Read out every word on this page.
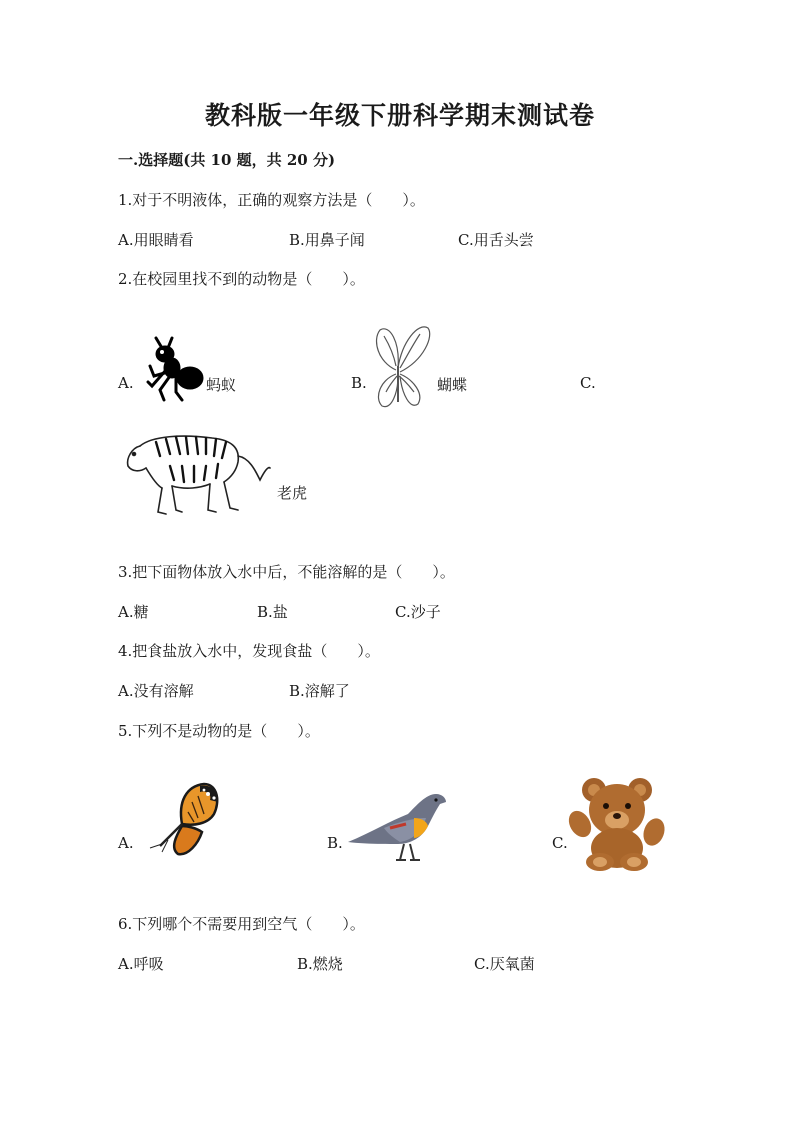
教科版一年级下册科学期末测试卷
一.选择题(共 10 题，共 20 分)
1.对于不明液体，正确的观察方法是（　　）。
A.用眼睛看	B.用鼻子闻	C.用舌头尝
2.在校园里找不到的动物是（　　）。
A.	蚂蚁	B.	蝴蝶	C.
老虎
3.把下面物体放入水中后，不能溶解的是（　　）。
A.糖	B.盐	C.沙子
4.把食盐放入水中，发现食盐（　　）。
A.没有溶解	B.溶解了
5.下列不是动物的是（　　）。
A.	B.	C.
6.下列哪个不需要用到空气（　　）。
A.呼吸	B.燃烧	C.厌氧菌
